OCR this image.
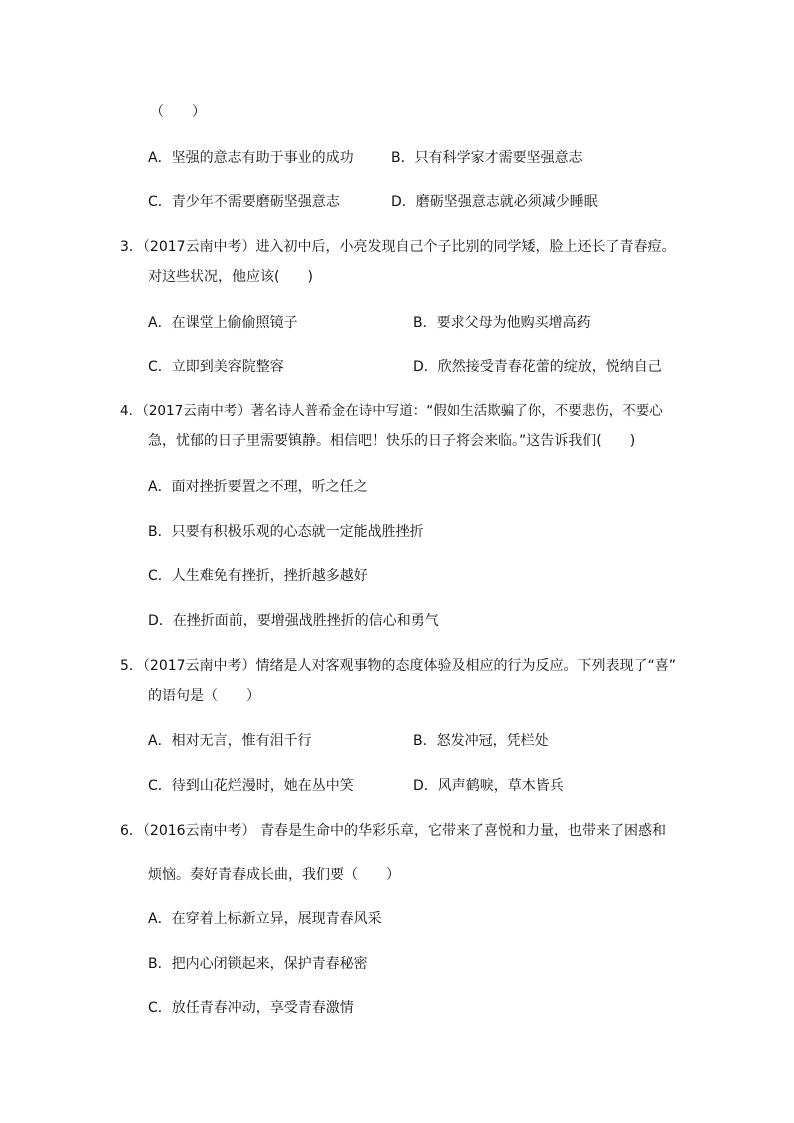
（　　）
A．坚强的意志有助于事业的成功	B．只有科学家才需要坚强意志
C．青少年不需要磨砺坚强意志	D．磨砺坚强意志就必须减少睡眠
3．（2017云南中考）进入初中后，小亮发现自己个子比别的同学矮，脸上还长了青春痘。
对这些状况，他应该(　　)
A．在课堂上偷偷照镜子	B．要求父母为他购买增高药
C．立即到美容院整容	D．欣然接受青春花蕾的绽放，悦纳自己
4．（2017云南中考）著名诗人普希金在诗中写道：“假如生活欺骗了你，不要悲伤，不要心
急，忧郁的日子里需要镇静。相信吧！快乐的日子将会来临。”这告诉我们(　　)
A．面对挫折要置之不理，听之任之
B．只要有积极乐观的心态就一定能战胜挫折
C．人生难免有挫折，挫折越多越好
D．在挫折面前，要增强战胜挫折的信心和勇气
5．（2017云南中考）情绪是人对客观事物的态度体验及相应的行为反应。下列表现了“喜”
的语句是（　　）
A．相对无言，惟有泪千行	B．怒发冲冠，凭栏处
C．待到山花烂漫时，她在丛中笑	D．风声鹤唳，草木皆兵
6．（2016云南中考） 青春是生命中的华彩乐章，它带来了喜悦和力量，也带来了困惑和
烦恼。奏好青春成长曲，我们要（　　）
A．在穿着上标新立异，展现青春风采
B．把内心闭锁起来，保护青春秘密
C．放任青春冲动，享受青春激情
